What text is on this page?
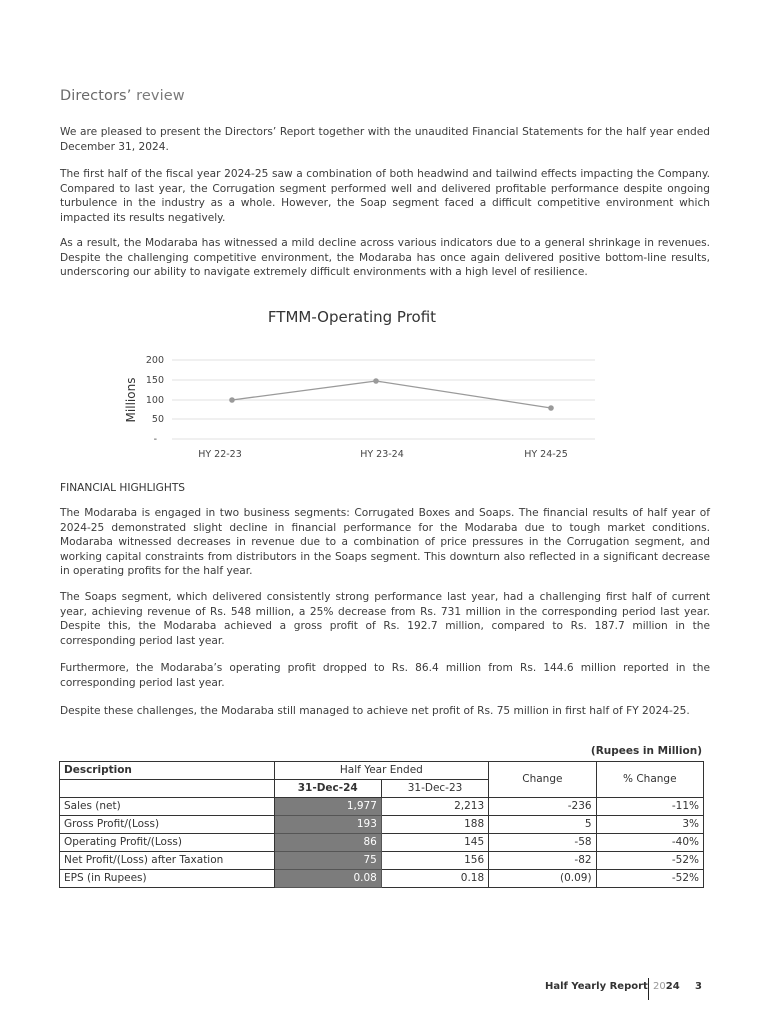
Directors’ review
We are pleased to present the Directors’ Report together with the unaudited Financial Statements for the half year ended December 31, 2024.
The first half of the fiscal year 2024-25 saw a combination of both headwind and tailwind effects impacting the Company. Compared to last year, the Corrugation segment performed well and delivered profitable performance despite ongoing turbulence in the industry as a whole. However, the Soap segment faced a difficult competitive environment which impacted its results negatively.
As a result, the Modaraba has witnessed a mild decline across various indicators due to a general shrinkage in revenues. Despite the challenging competitive environment, the Modaraba has once again delivered positive bottom-line results, underscoring our ability to navigate extremely difficult environments with a high level of resilience.
FTMM-Operating Profit
200
150
100
50
-
Millions
HY 22-23	HY 23-24	HY 24-25
FINANCIAL HIGHLIGHTS
The Modaraba is engaged in two business segments: Corrugated Boxes and Soaps. The financial results of half year of 2024-25 demonstrated slight decline in financial performance for the Modaraba due to tough market conditions. Modaraba witnessed decreases in revenue due to a combination of price pressures in the Corrugation segment, and working capital constraints from distributors in the Soaps segment. This downturn also reflected in a significant decrease in operating profits for the half year.
The Soaps segment, which delivered consistently strong performance last year, had a challenging first half of current year, achieving revenue of Rs. 548 million, a 25% decrease from Rs. 731 million in the corresponding period last year. Despite this, the Modaraba achieved a gross profit of Rs. 192.7 million, compared to Rs. 187.7 million in the corresponding period last year.
Furthermore, the Modaraba’s operating profit dropped to Rs. 86.4 million from Rs. 144.6 million reported in the corresponding period last year.
Despite these challenges, the Modaraba still managed to achieve net profit of Rs. 75 million in first half of FY 2024-25.
(Rupees in Million)
Description	Half Year Ended		Change	% Change
	31-Dec-24	31-Dec-23		
Sales (net)	1,977	2,213	-236	-11%
Gross Profit/(Loss)	193	188	5	3%
Operating Profit/(Loss)	86	145	-58	-40%
Net Profit/(Loss) after Taxation	75	156	-82	-52%
EPS (in Rupees)	0.08	0.18	(0.09)	-52%
Half Yearly Report 2024 3
